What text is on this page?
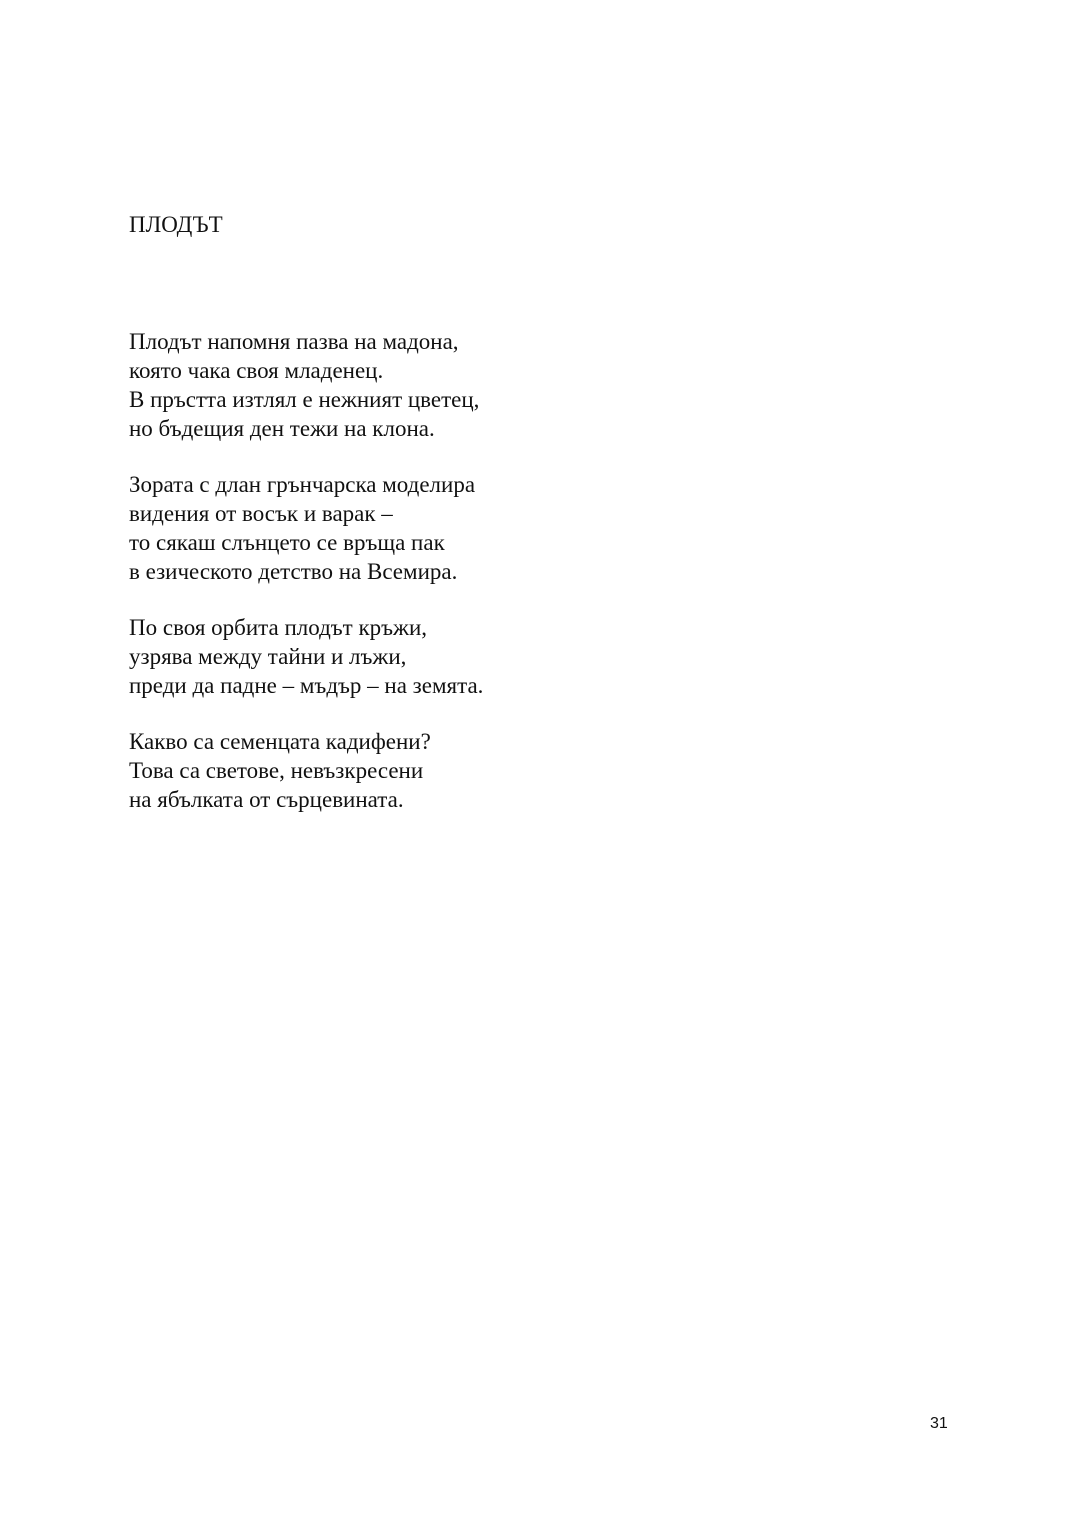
ПЛОДЪТ

Плодът напомня пазва на мадона,
която чака своя младенец.
В пръстта изтлял е нежният цветец,
но бъдещия ден тежи на клона.

Зората с длан грънчарска моделира
видения от восък и варак –
то сякаш слънцето се връща пак
в езическото детство на Всемира.

По своя орбита плодът кръжи,
узрява между тайни и лъжи,
преди да падне – мъдър – на земята.

Какво са семенцата кадифени?
Това са светове, невъзкресени
на ябълката от сърцевината.

31
